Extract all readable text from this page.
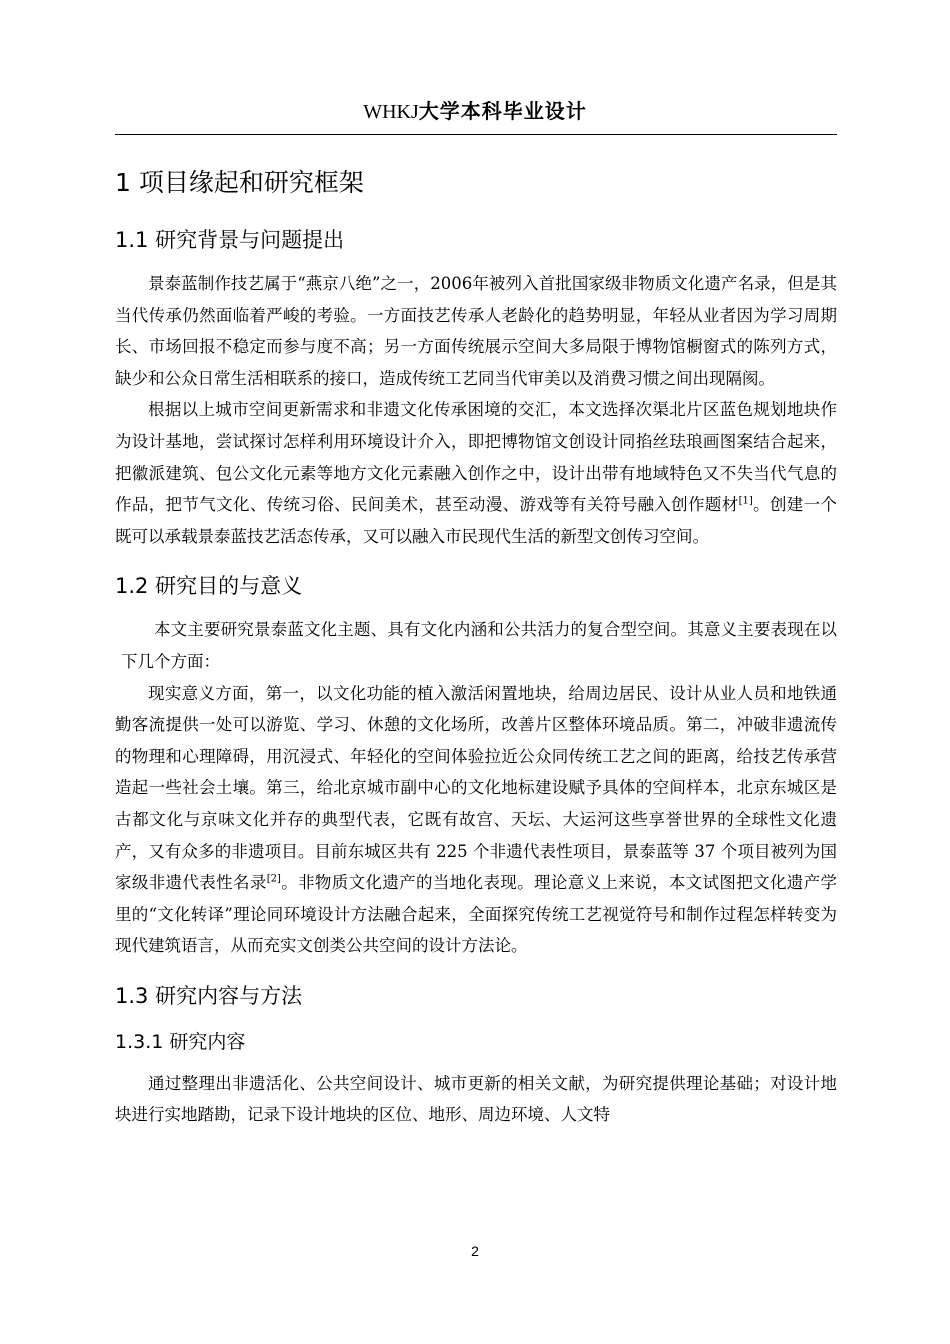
WHKJ大学本科毕业设计
1 项目缘起和研究框架
1.1 研究背景与问题提出

景泰蓝制作技艺属于“燕京八绝”之一，2006年被列入首批国家级非物质文化遗产名录，但是其当代传承仍然面临着严峻的考验。一方面技艺传承人老龄化的趋势明显，年轻从业者因为学习周期长、市场回报不稳定而参与度不高；另一方面传统展示空间大多局限于博物馆橱窗式的陈列方式，缺少和公众日常生活相联系的接口，造成传统工艺同当代审美以及消费习惯之间出现隔阂。

根据以上城市空间更新需求和非遗文化传承困境的交汇，本文选择次渠北片区蓝色规划地块作为设计基地，尝试探讨怎样利用环境设计介入，即把博物馆文创设计同掐丝珐琅画图案结合起来，把徽派建筑、包公文化元素等地方文化元素融入创作之中，设计出带有地域特色又不失当代气息的作品，把节气文化、传统习俗、民间美术，甚至动漫、游戏等有关符号融入创作题材[1]。创建一个既可以承载景泰蓝技艺活态传承，又可以融入市民现代生活的新型文创传习空间。

1.2 研究目的与意义

本文主要研究景泰蓝文化主题、具有文化内涵和公共活力的复合型空间。其意义主要表现在以下几个方面：

现实意义方面，第一，以文化功能的植入激活闲置地块，给周边居民、设计从业人员和地铁通勤客流提供一处可以游览、学习、休憩的文化场所，改善片区整体环境品质。第二，冲破非遗流传的物理和心理障碍，用沉浸式、年轻化的空间体验拉近公众同传统工艺之间的距离，给技艺传承营造起一些社会土壤。第三，给北京城市副中心的文化地标建设赋予具体的空间样本，北京东城区是古都文化与京味文化并存的典型代表，它既有故宫、天坛、大运河这些享誉世界的全球性文化遗产，又有众多的非遗项目。目前东城区共有 225 个非遗代表性项目，景泰蓝等 37 个项目被列为国家级非遗代表性名录[2]。非物质文化遗产的当地化表现。理论意义上来说，本文试图把文化遗产学里的“文化转译”理论同环境设计方法融合起来，全面探究传统工艺视觉符号和制作过程怎样转变为现代建筑语言，从而充实文创类公共空间的设计方法论。

1.3 研究内容与方法
1.3.1 研究内容

通过整理出非遗活化、公共空间设计、城市更新的相关文献，为研究提供理论基础；对设计地块进行实地踏勘，记录下设计地块的区位、地形、周边环境、人文特

2
